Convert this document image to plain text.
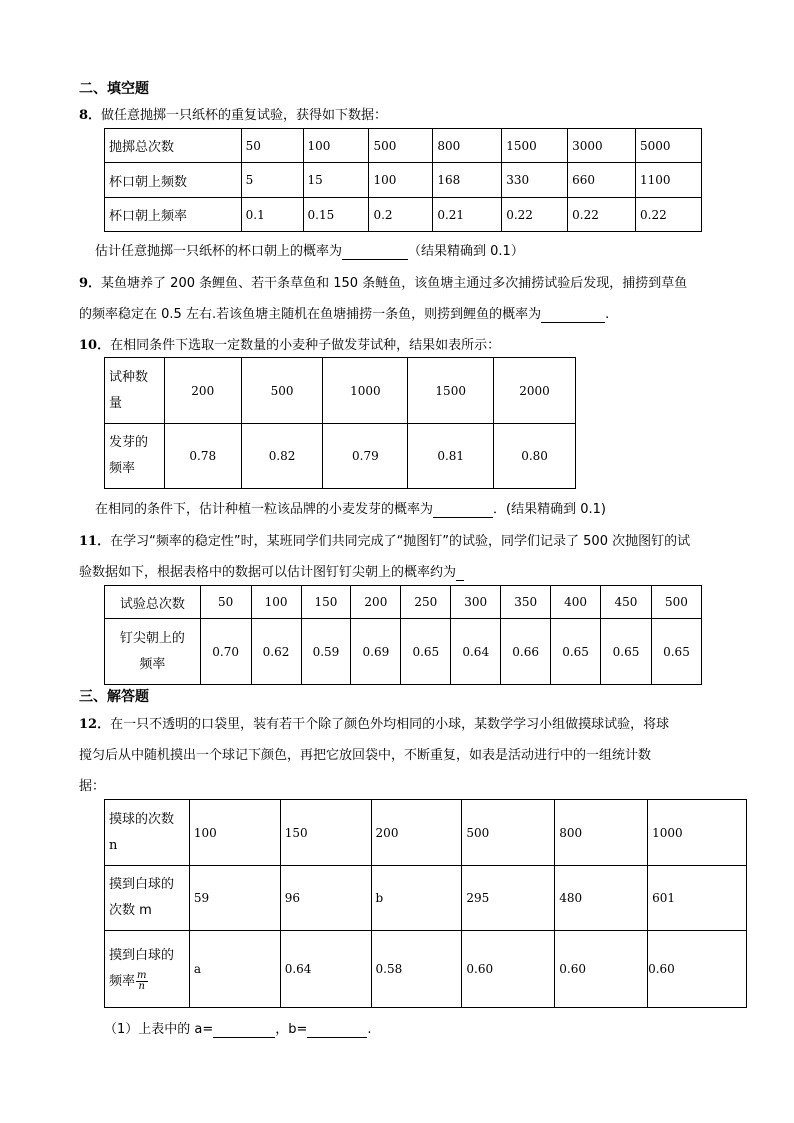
二、填空题
8．做任意抛掷一只纸杯的重复试验，获得如下数据：
抛掷总次数	50	100	500	800	1500	3000	5000
杯口朝上频数	5	15	100	168	330	660	1100
杯口朝上频率	0.1	0.15	0.2	0.21	0.22	0.22	0.22
估计任意抛掷一只纸杯的杯口朝上的概率为	（结果精确到 0.1）
9．某鱼塘养了 200 条鲤鱼、若干条草鱼和 150 条鲢鱼，该鱼塘主通过多次捕捞试验后发现，捕捞到草鱼
的频率稳定在 0.5 左右.若该鱼塘主随机在鱼塘捕捞一条鱼，则捞到鲤鱼的概率为	.
10．在相同条件下选取一定数量的小麦种子做发芽试种，结果如表所示：
试种数
量	200	500	1000	1500	2000
发芽的
频率	0.78	0.82	0.79	0.81	0.80
在相同的条件下，估计种植一粒该品牌的小麦发芽的概率为	．(结果精确到 0.1)
11．在学习“频率的稳定性”时，某班同学们共同完成了“抛图钉”的试验，同学们记录了 500 次抛图钉的试
验数据如下，根据表格中的数据可以估计图钉钉尖朝上的概率约为
试验总次数	50	100	150	200	250	300	350	400	450	500
钉尖朝上的
频率	0.70	0.62	0.59	0.69	0.65	0.64	0.66	0.65	0.65	0.65
三、解答题
12．在一只不透明的口袋里，装有若干个除了颜色外均相同的小球，某数学学习小组做摸球试验，将球
搅匀后从中随机摸出一个球记下颜色，再把它放回袋中，不断重复，如表是活动进行中的一组统计数
据：
摸球的次数
n	100	150	200	500	800	1000
摸到白球的
次数 m	59	96	b	295	480	601
摸到白球的
频率 $\frac{m}{n}$	a	0.64	0.58	0.60	0.60	0.60
（1）上表中的 a=	，b=	.
